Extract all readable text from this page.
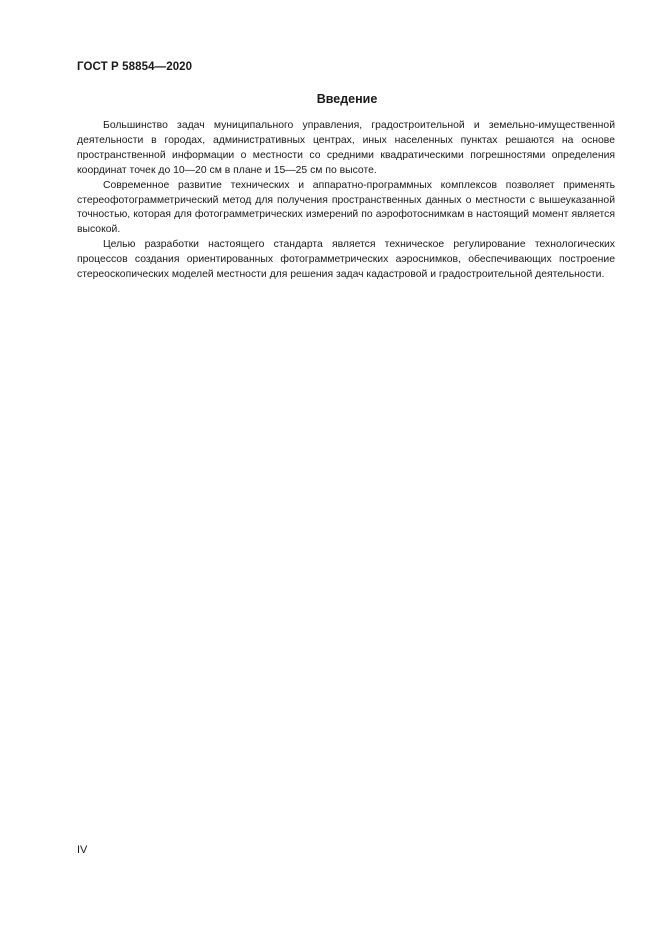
ГОСТ Р 58854—2020
Введение

Большинство задач муниципального управления, градостроительной и земельно-имущественной деятельности в городах, административных центрах, иных населенных пунктах решаются на основе пространственной информации о местности со средними квадратическими погрешностями определения координат точек до 10—20 см в плане и 15—25 см по высоте.

Современное развитие технических и аппаратно-программных комплексов позволяет применять стереофотограмметрический метод для получения пространственных данных о местности с вышеуказанной точностью, которая для фотограмметрических измерений по аэрофотоснимкам в настоящий момент является высокой.

Целью разработки настоящего стандарта является техническое регулирование технологических процессов создания ориентированных фотограмметрических аэроснимков, обеспечивающих построение стереоскопических моделей местности для решения задач кадастровой и градостроительной деятельности.

IV
